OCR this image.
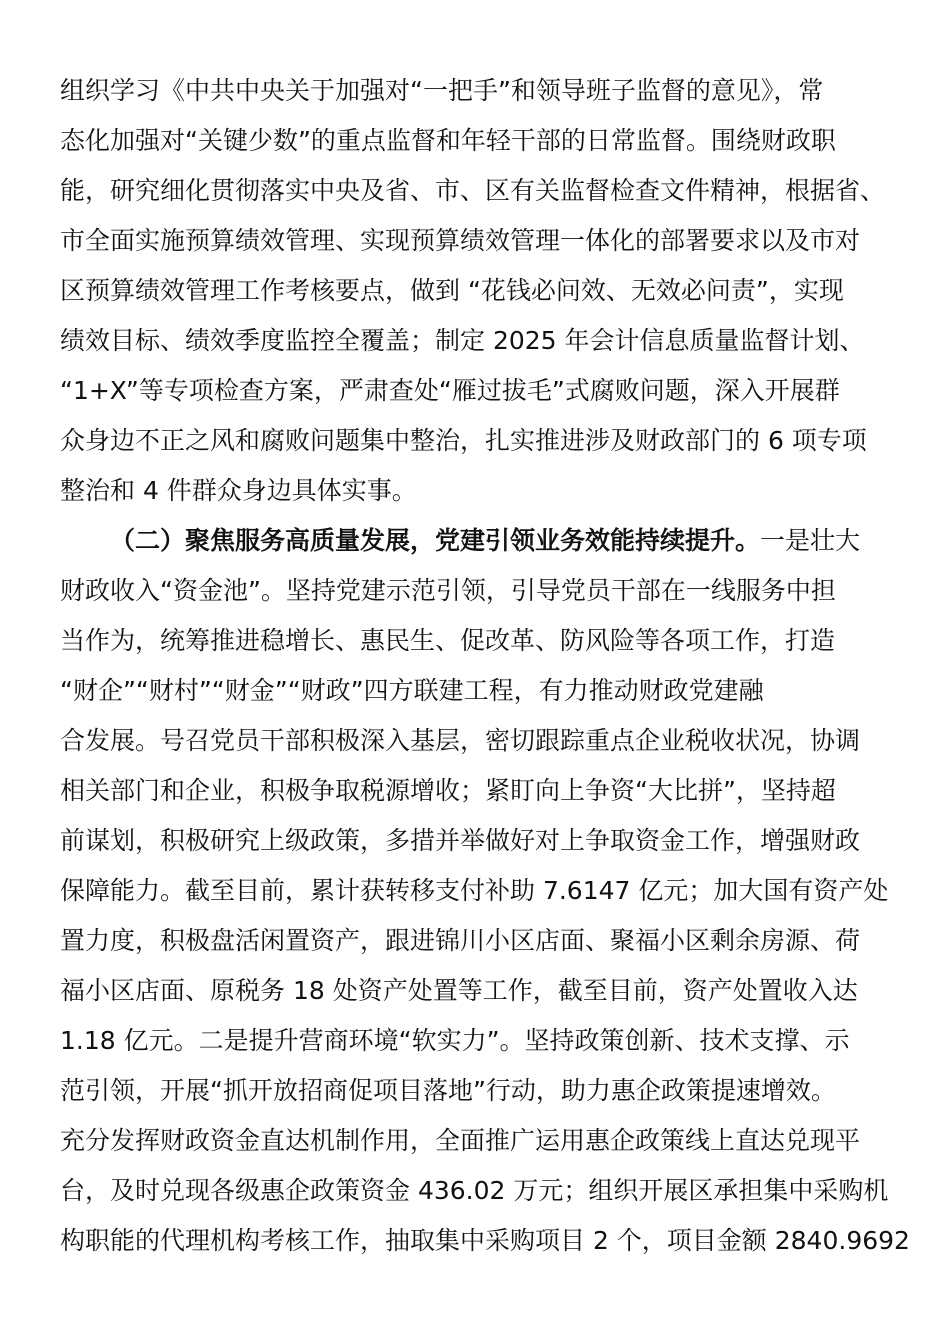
组织学习《中共中央关于加强对“一把手”和领导班子监督的意见》，常
态化加强对“关键少数”的重点监督和年轻干部的日常监督。围绕财政职
能，研究细化贯彻落实中央及省、市、区有关监督检查文件精神，根据省、
市全面实施预算绩效管理、实现预算绩效管理一体化的部署要求以及市对
区预算绩效管理工作考核要点，做到 “花钱必问效、无效必问责”，实现
绩效目标、绩效季度监控全覆盖；制定 2025 年会计信息质量监督计划、
“1+X”等专项检查方案，严肃查处“雁过拔毛”式腐败问题，深入开展群
众身边不正之风和腐败问题集中整治，扎实推进涉及财政部门的 6 项专项
整治和 4 件群众身边具体实事。
（二）聚焦服务高质量发展，党建引领业务效能持续提升。一是壮大
财政收入“资金池”。坚持党建示范引领，引导党员干部在一线服务中担
当作为，统筹推进稳增长、惠民生、促改革、防风险等各项工作，打造
“财企”“财村”“财金”“财政”四方联建工程，有力推动财政党建融
合发展。号召党员干部积极深入基层，密切跟踪重点企业税收状况，协调
相关部门和企业，积极争取税源增收；紧盯向上争资“大比拼”，坚持超
前谋划，积极研究上级政策，多措并举做好对上争取资金工作，增强财政
保障能力。截至目前，累计获转移支付补助 7.6147 亿元；加大国有资产处
置力度，积极盘活闲置资产，跟进锦川小区店面、聚福小区剩余房源、荷
福小区店面、原税务 18 处资产处置等工作，截至目前，资产处置收入达
1.18 亿元。二是提升营商环境“软实力”。坚持政策创新、技术支撑、示
范引领，开展“抓开放招商促项目落地”行动，助力惠企政策提速增效。
充分发挥财政资金直达机制作用，全面推广运用惠企政策线上直达兑现平
台，及时兑现各级惠企政策资金 436.02 万元；组织开展区承担集中采购机
构职能的代理机构考核工作，抽取集中采购项目 2 个，项目金额 2840.9692
